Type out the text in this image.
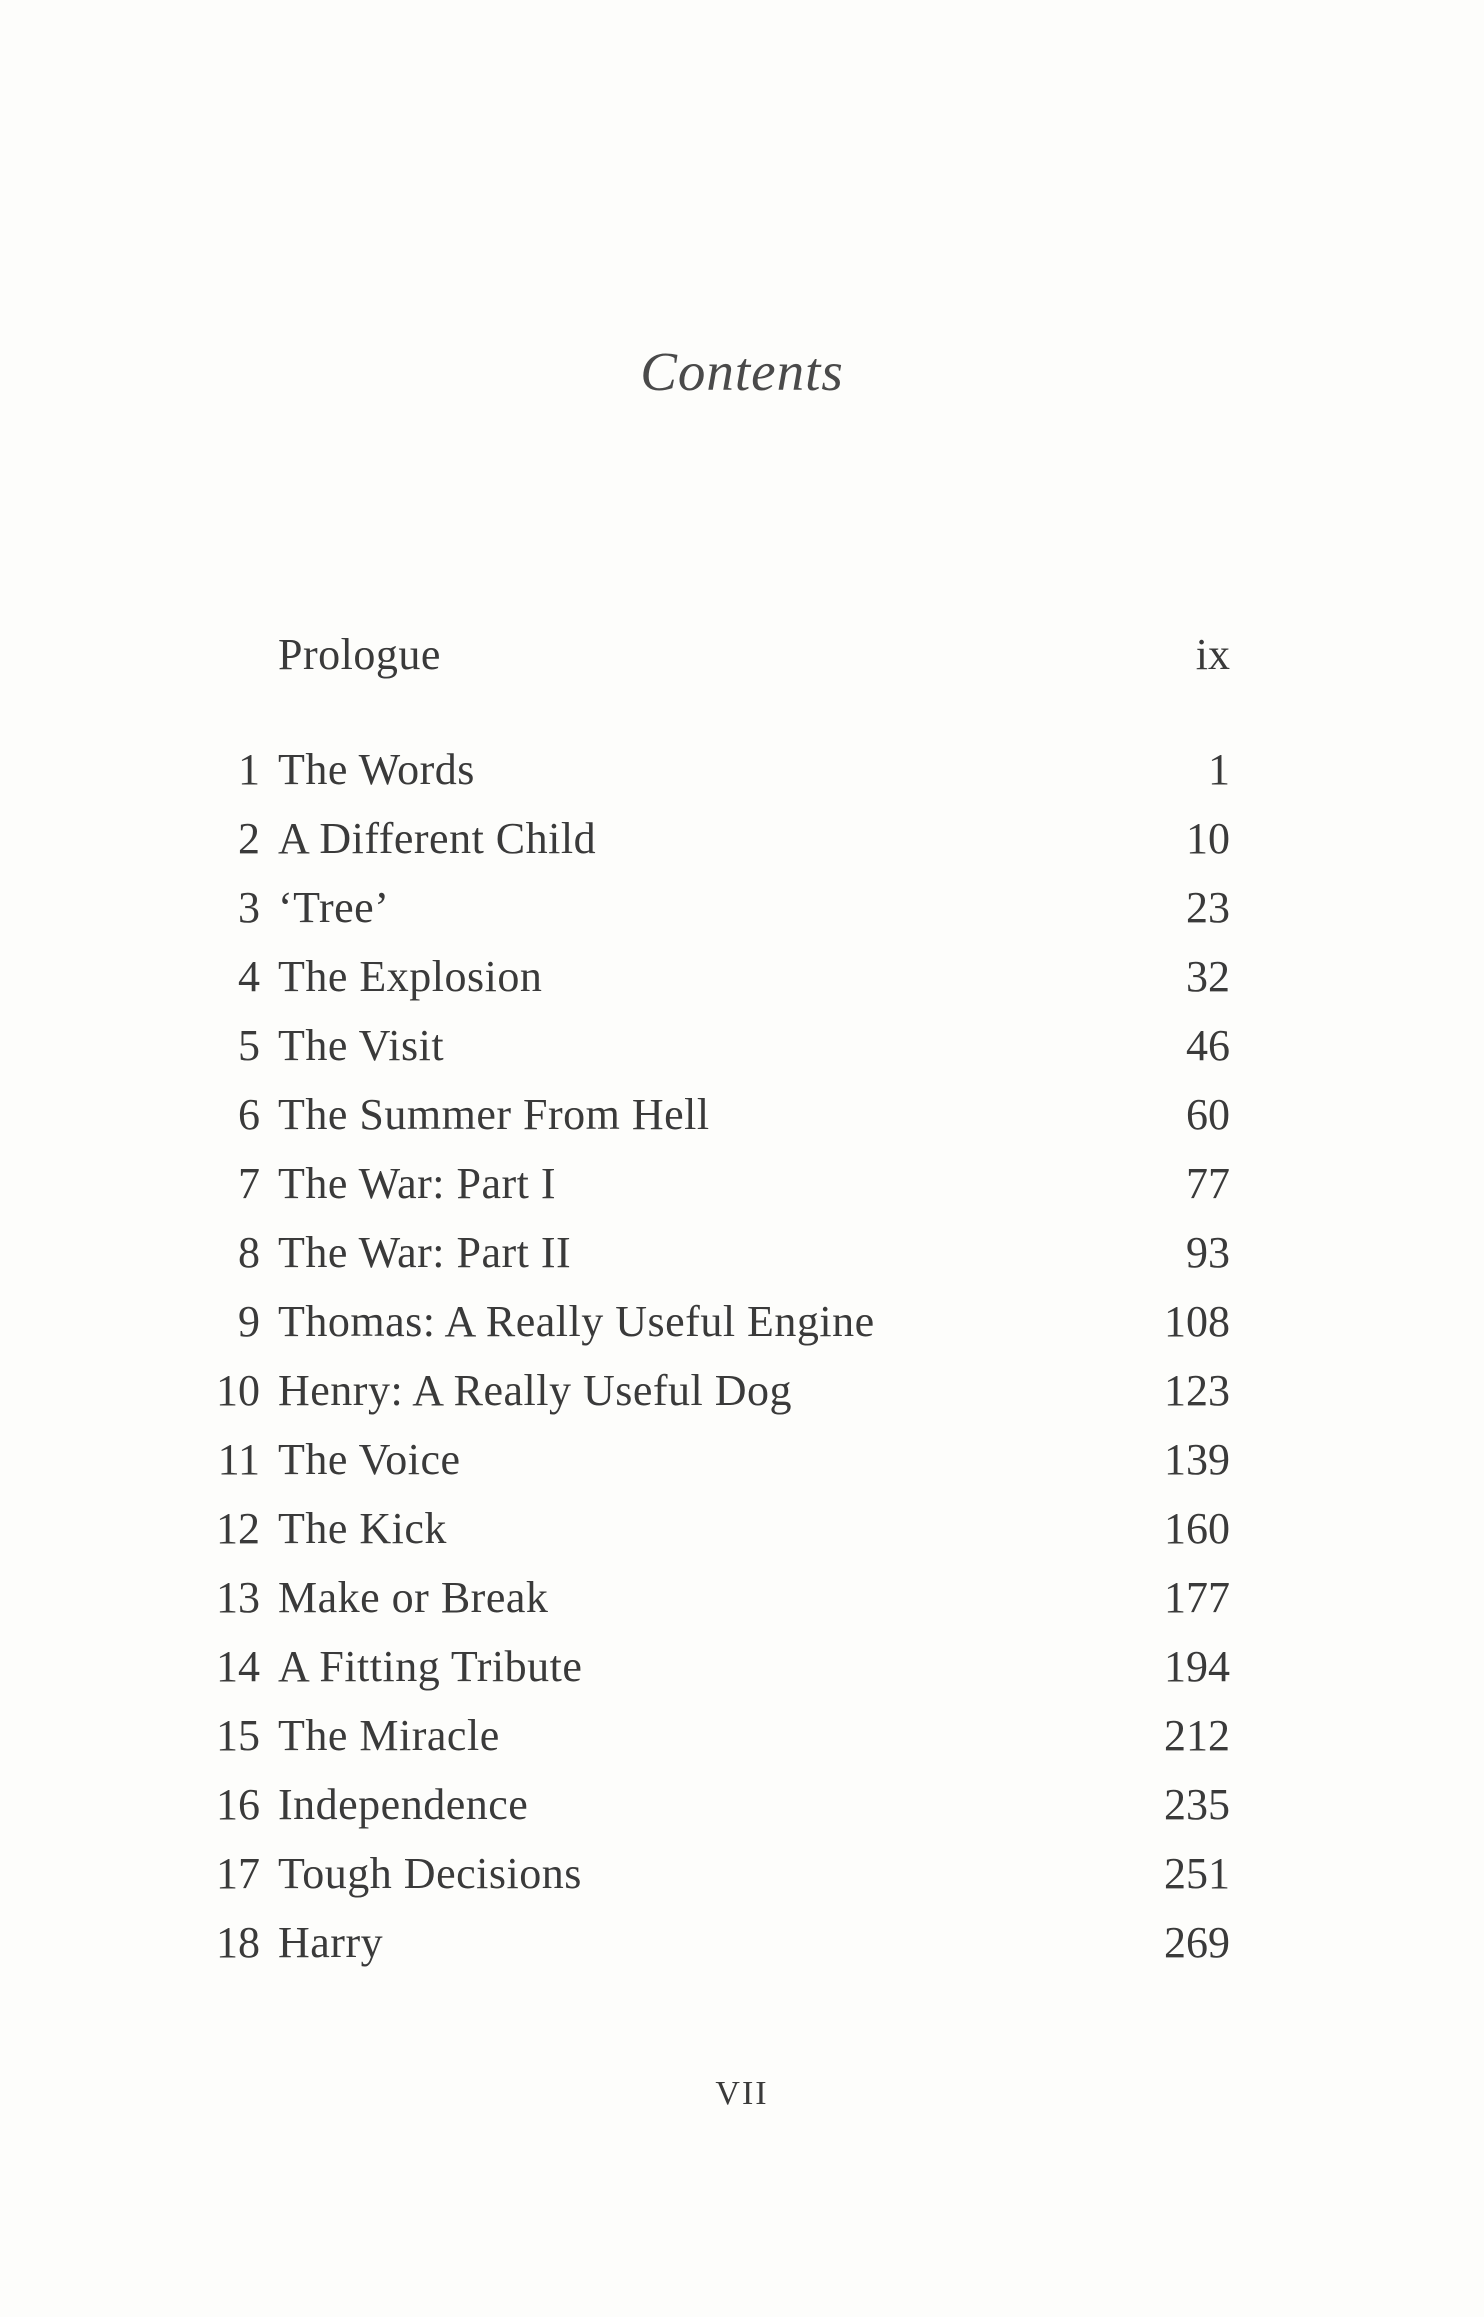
Contents
Prologue	ix
1 The Words	1
2 A Different Child	10
3 ‘Tree’	23
4 The Explosion	32
5 The Visit	46
6 The Summer From Hell	60
7 The War: Part I	77
8 The War: Part II	93
9 Thomas: A Really Useful Engine	108
10 Henry: A Really Useful Dog	123
11 The Voice	139
12 The Kick	160
13 Make or Break	177
14 A Fitting Tribute	194
15 The Miracle	212
16 Independence	235
17 Tough Decisions	251
18 Harry	269
VII
